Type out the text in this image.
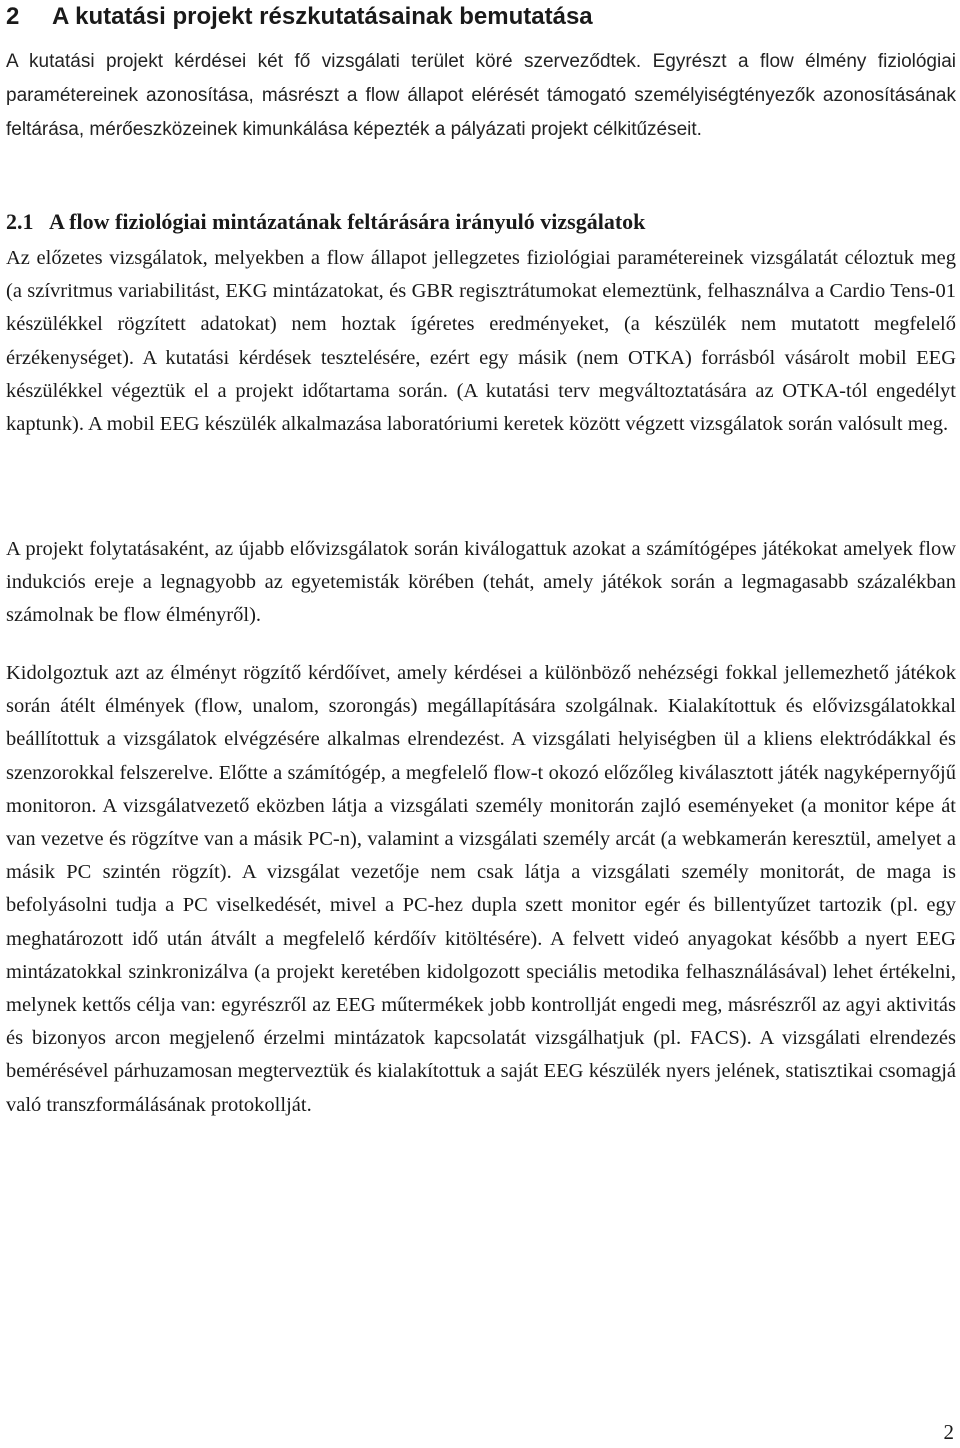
2 A kutatási projekt részkutatásainak bemutatása

A kutatási projekt kérdései két fő vizsgálati terület köré szerveződtek. Egyrészt a flow élmény fiziológiai paramétereinek azonosítása, másrészt a flow állapot elérését támogató személyiségtényezők azonosításának feltárása, mérőeszközeinek kimunkálása képezték a pályázati projekt célkitűzéseit.

2.1 A flow fiziológiai mintázatának feltárására irányuló vizsgálatok

Az előzetes vizsgálatok, melyekben a flow állapot jellegzetes fiziológiai paramétereinek vizsgálatát céloztuk meg (a szívritmus variabilitást, EKG mintázatokat, és GBR regisztrátumokat elemeztünk, felhasználva a Cardio Tens-01 készülékkel rögzített adatokat) nem hoztak ígéretes eredményeket, (a készülék nem mutatott megfelelő érzékenységet). A kutatási kérdések tesztelésére, ezért egy másik (nem OTKA) forrásból vásárolt mobil EEG készülékkel végeztük el a projekt időtartama során. (A kutatási terv megváltoztatására az OTKA-tól engedélyt kaptunk). A mobil EEG készülék alkalmazása laboratóriumi keretek között végzett vizsgálatok során valósult meg.

A projekt folytatásaként, az újabb elővizsgálatok során kiválogattuk azokat a számítógépes játékokat amelyek flow indukciós ereje a legnagyobb az egyetemisták körében (tehát, amely játékok során a legmagasabb százalékban számolnak be flow élményről).

Kidolgoztuk azt az élményt rögzítő kérdőívet, amely kérdései a különböző nehézségi fokkal jellemezhető játékok során átélt élmények (flow, unalom, szorongás) megállapítására szolgálnak. Kialakítottuk és elővizsgálatokkal beállítottuk a vizsgálatok elvégzésére alkalmas elrendezést. A vizsgálati helyiségben ül a kliens elektródákkal és szenzorokkal felszerelve. Előtte a számítógép, a megfelelő flow-t okozó előzőleg kiválasztott játék nagyképernyőjű monitoron. A vizsgálatvezető eközben látja a vizsgálati személy monitorán zajló eseményeket (a monitor képe át van vezetve és rögzítve van a másik PC-n), valamint a vizsgálati személy arcát (a webkamerán keresztül, amelyet a másik PC szintén rögzít). A vizsgálat vezetője nem csak látja a vizsgálati személy monitorát, de maga is befolyásolni tudja a PC viselkedését, mivel a PC-hez dupla szett monitor egér és billentyűzet tartozik (pl. egy meghatározott idő után átvált a megfelelő kérdőív kitöltésére). A felvett videó anyagokat később a nyert EEG mintázatokkal szinkronizálva (a projekt keretében kidolgozott speciális metodika felhasználásával) lehet értékelni, melynek kettős célja van: egyrészről az EEG műtermékek jobb kontrollját engedi meg, másrészről az agyi aktivitás és bizonyos arcon megjelenő érzelmi mintázatok kapcsolatát vizsgálhatjuk (pl. FACS). A vizsgálati elrendezés bemérésével párhuzamosan megterveztük és kialakítottuk a saját EEG készülék nyers jelének, statisztikai csomagjá való transzformálásának protokollját.

2
